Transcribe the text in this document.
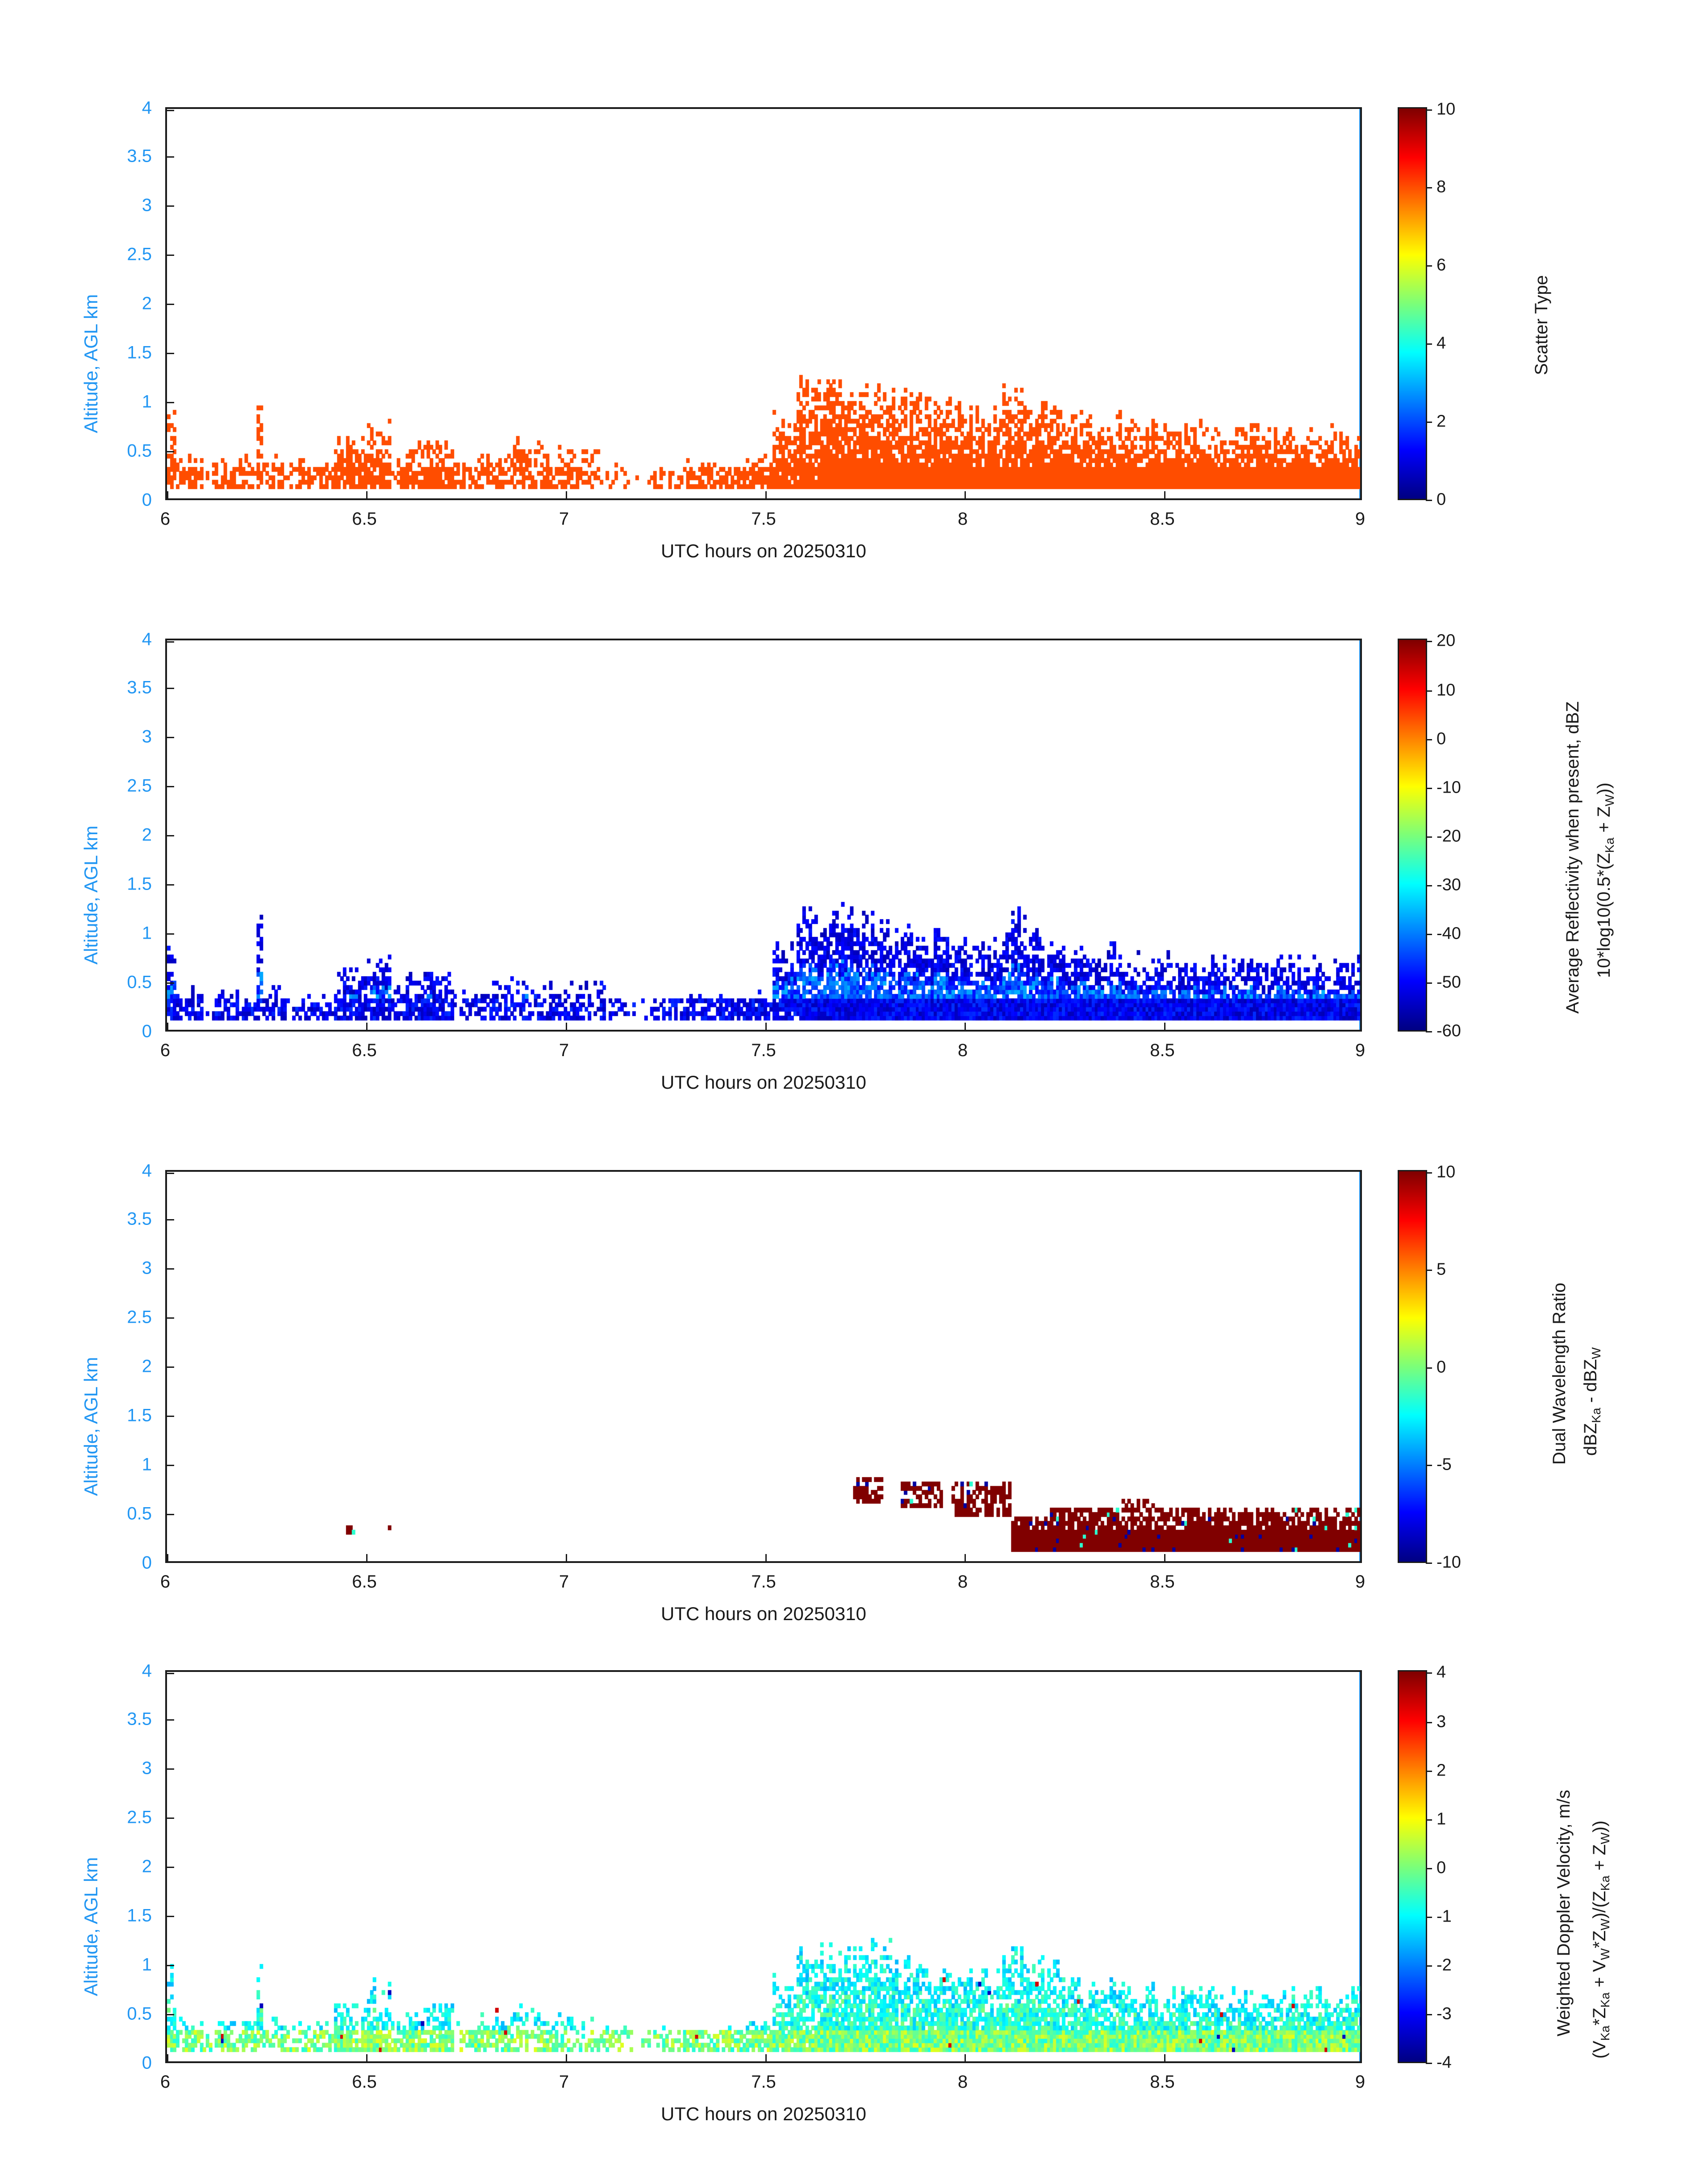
0
0.5
1
1.5
2
2.5
3
3.5
4
6	6.5	7	7.5	8	8.5	9
UTC hours on 20250310
Altitude, AGL km
0
2
4
6
8
10
Scatter Type
0
0.5
1
1.5
2
2.5
3
3.5
4
6	6.5	7	7.5	8	8.5	9
UTC hours on 20250310
Altitude, AGL km
-60
-50
-40
-30
-20
-10
0
10
20
Average Reflectivity when present, dBZ $10*\log 10(0.5*(Z_{Ka} + Z_W))$
0
0.5
1
1.5
2
2.5
3
3.5
4
6	6.5	7	7.5	8	8.5	9
UTC hours on 20250310
Altitude, AGL km
-10
-5
0
5
10
Dual Wavelength Ratio dBZ$_{Ka}$ - dBZ$_W$
0
0.5
1
1.5
2
2.5
3
3.5
4
6	6.5	7	7.5	8	8.5	9
UTC hours on 20250310
Altitude, AGL km
-4
-3
-2
-1
0
1
2
3
4
Weighted Doppler Velocity, m/s
$(V_{Ka}*Z_{Ka} + V_W*Z_W)/(Z_{Ka} + Z_W)$)
